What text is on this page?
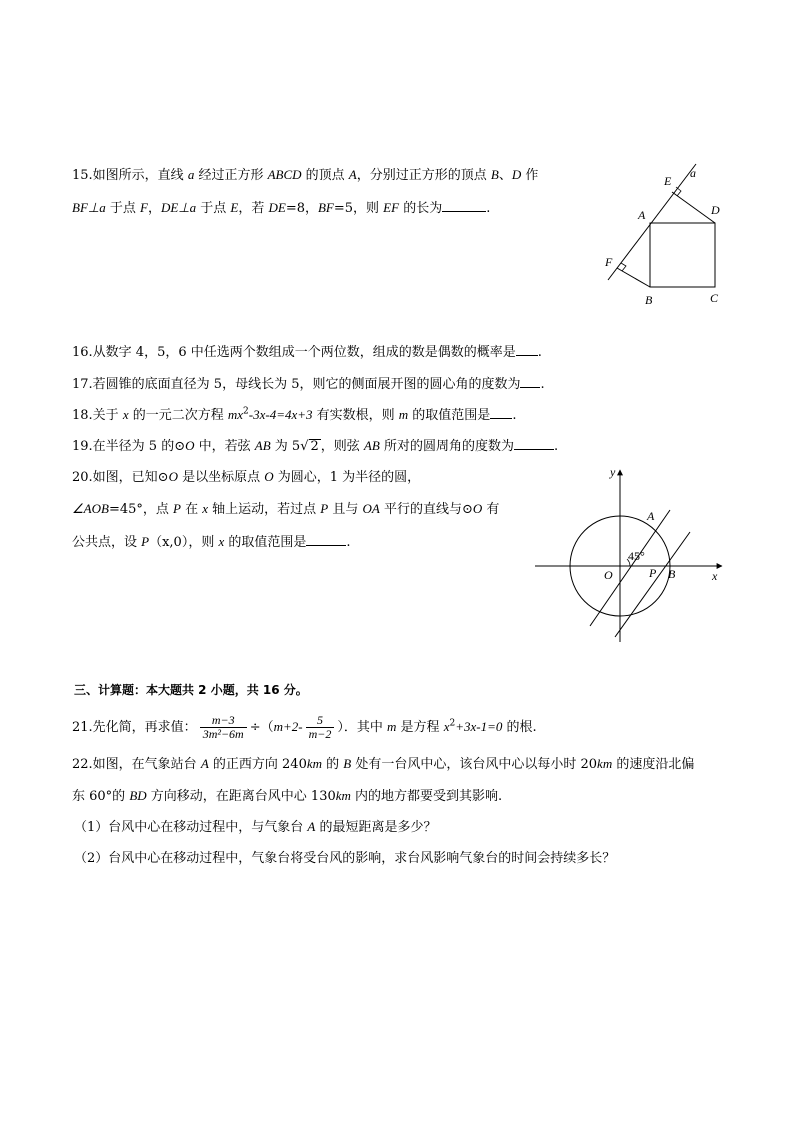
15.如图所示，直线 a 经过正方形 ABCD 的顶点 A，分别过正方形的顶点 B、D 作
BF⊥a 于点 F，DE⊥a 于点 E，若 DE=8，BF=5，则 EF 的长为	.
E
a
A	D
F
B	C
16.从数字 4，5，6 中任选两个数组成一个两位数，组成的数是偶数的概率是 .
17.若圆锥的底面直径为 5，母线长为 5，则它的侧面展开图的圆心角的度数为 .
18.关于 x 的一元二次方程 $mx^2-3x-4=4x+3$ 有实数根，则 m 的取值范围是 .
19.在半径为 5 的⊙O 中，若弦 AB 为 5√ 2 ，则弦 AB 所对的圆周角的度数为	.
20.如图，已知⊙O 是以坐标原点 O 为圆心，1 为半径的圆，
∠AOB=45°，点 P 在 x 轴上运动，若过点 P 且与 OA 平行的直线与⊙O 有
公共点，设 P（x,0），则 x 的取值范围是	.
y
A
45°
O	P B	x
三、计算题：本大题共 2 小题，共 16 分。
21.先化简，再求值： $\frac{m-3}{\text{3m²−6m}} \div(m+2- \frac{5}{m-2}$ ）．其中 m 是方程 $x^2+3x-1=0$ 的根.
22.如图，在气象站台 A 的正西方向 240km 的 B 处有一台风中心，该台风中心以每小时 20km 的速度沿北偏
东 60°的 BD 方向移动，在距离台风中心 130km 内的地方都要受到其影响.
（1）台风中心在移动过程中，与气象台 A 的最短距离是多少？
（2）台风中心在移动过程中，气象台将受台风的影响，求台风影响气象台的时间会持续多长？
